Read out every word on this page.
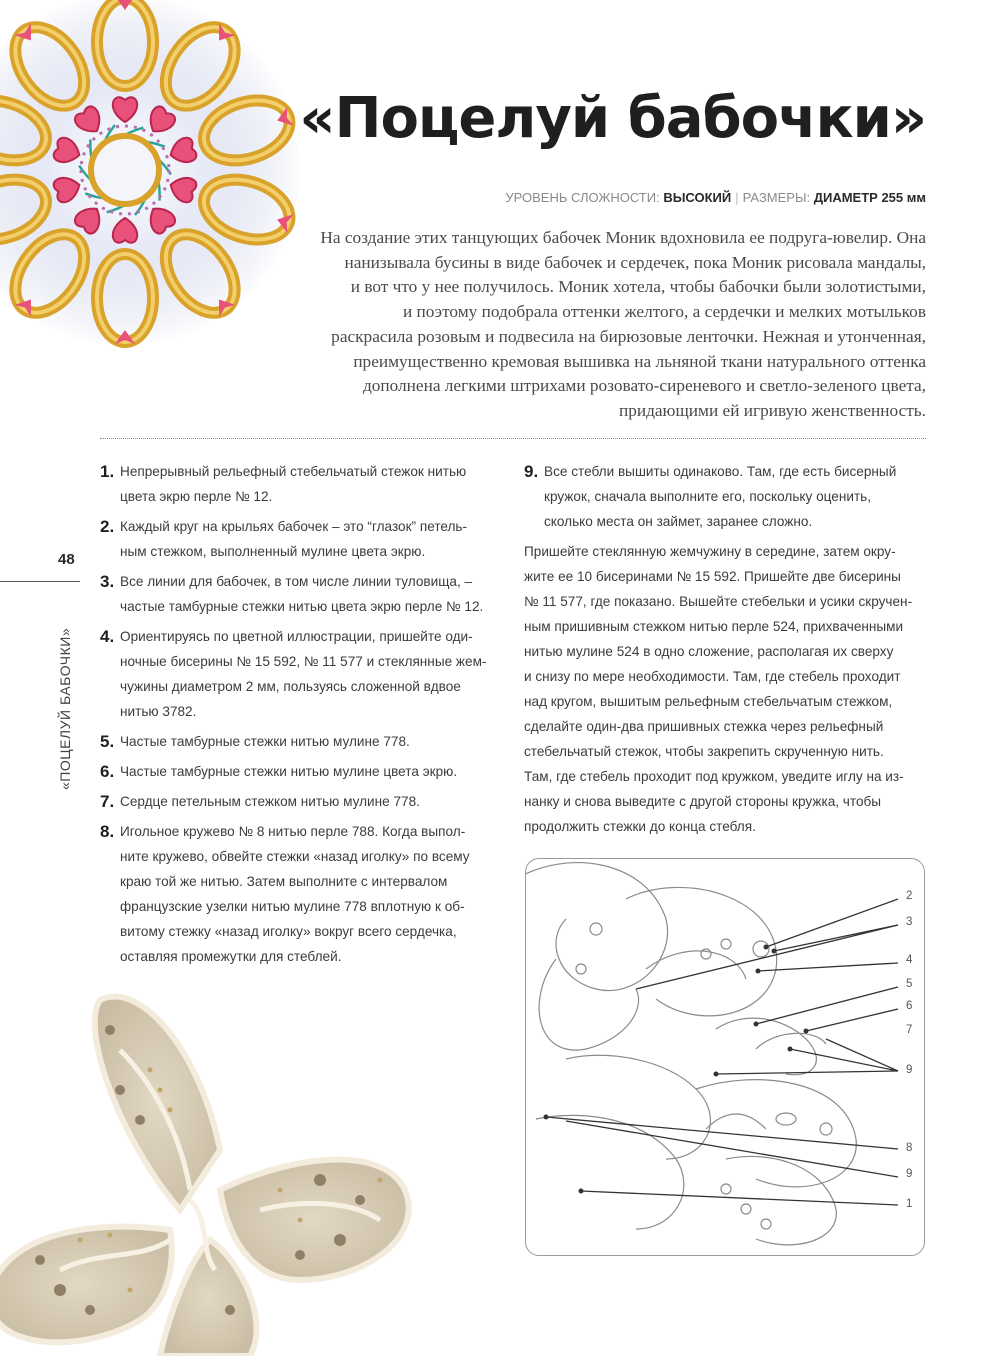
«Поцелуй бабочки»
УРОВЕНЬ СЛОЖНОСТИ: ВЫСОКИЙ | РАЗМЕРЫ: ДИАМЕТР 255 мм
На создание этих танцующих бабочек Моник вдохновила ее подруга-ювелир. Она
нанизывала бусины в виде бабочек и сердечек, пока Моник рисовала мандалы,
и вот что у нее получилось. Моник хотела, чтобы бабочки были золотистыми,
и поэтому подобрала оттенки желтого, а сердечки и мелких мотыльков
раскрасила розовым и подвесила на бирюзовые ленточки. Нежная и утонченная,
преимущественно кремовая вышивка на льняной ткани натурального оттенка
дополнена легкими штрихами розовато-сиреневого и светло-зеленого цвета,
придающими ей игривую женственность.
48
«ПОЦЕЛУЙ БАБОЧКИ»
1. Непрерывный рельефный стебельчатый стежок нитью
цвета экрю перле № 12.
2. Каждый круг на крыльях бабочек – это “глазок” петель-
ным стежком, выполненный мулине цвета экрю.
3. Все линии для бабочек, в том числе линии туловища, –
частые тамбурные стежки нитью цвета экрю перле № 12.
4. Ориентируясь по цветной иллюстрации, пришейте оди-
ночные бисерины № 15 592, № 11 577 и стеклянные жем-
чужины диаметром 2 мм, пользуясь сложенной вдвое
нитью 3782.
5. Частые тамбурные стежки нитью мулине 778.
6. Частые тамбурные стежки нитью мулине цвета экрю.
7. Сердце петельным стежком нитью мулине 778.
8. Игольное кружево № 8 нитью перле 788. Когда выпол-
ните кружево, обвейте стежки «назад иголку» по всему
краю той же нитью. Затем выполните с интервалом
французские узелки нитью мулине 778 вплотную к об-
витому стежку «назад иголку» вокруг всего сердечка,
оставляя промежутки для стеблей.
9. Все стебли вышиты одинаково. Там, где есть бисерный
кружок, сначала выполните его, поскольку оценить,
сколько места он займет, заранее сложно.
Пришейте стеклянную жемчужину в середине, затем окру-
жите ее 10 бисеринами № 15 592. Пришейте две бисерины
№ 11 577, где показано. Вышейте стебельки и усики скручен-
ным пришивным стежком нитью перле 524, прихваченными
нитью мулине 524 в одно сложение, располагая их сверху
и снизу по мере необходимости. Там, где стебель проходит
над кругом, вышитым рельефным стебельчатым стежком,
сделайте один-два пришивных стежка через рельефный
стебельчатый стежок, чтобы закрепить скрученную нить.
Там, где стебель проходит под кружком, уведите иглу на из-
нанку и снова выведите с другой стороны кружка, чтобы
продолжить стежки до конца стебля.
2
3
4
5
6
7
9
8
9
1
